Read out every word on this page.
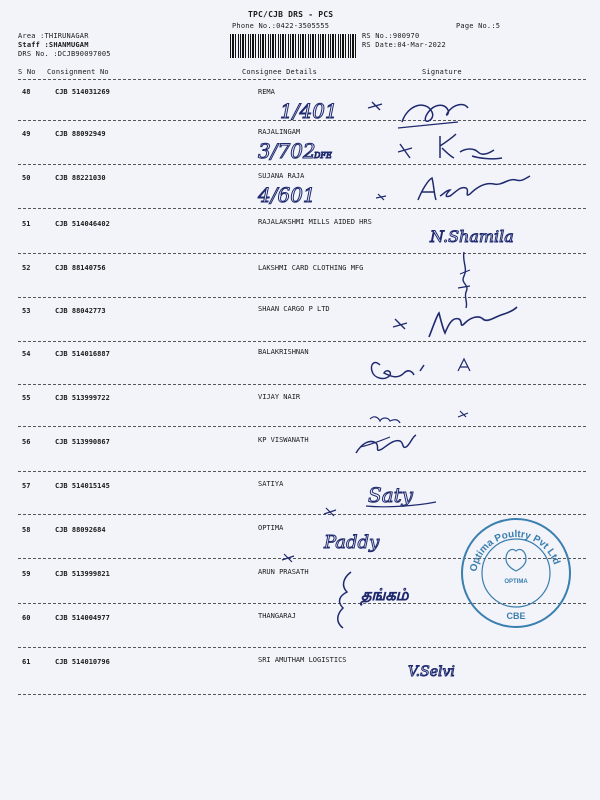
TPC/CJB DRS - PCS
Phone No.:0422-3505555	Page No.:5
Area :THIRUNAGAR
Staff :SHANMUGAM
DRS No. :DCJB90097005
RS No.:900970
RS Date:04-Mar-2022
S No Consignment No	Consignee Details	Signature
48	CJB 514031269	REMA
49	CJB 88092949	RAJALINGAM
50	CJB 88221030	SUJANA RAJA
51	CJB 514046402	RAJALAKSHMI MILLS AIDED HRS
52	CJB 88140756	LAKSHMI CARD CLOTHING MFG
53	CJB 88042773	SHAAN CARGO P LTD
54	CJB 514016887	BALAKRISHNAN
55	CJB 513999722	VIJAY NAIR
56	CJB 513990867	KP VISWANATH
57	CJB 514015145	SATIYA
58	CJB 88092684	OPTIMA
59	CJB 513999821	ARUN PRASATH
60	CJB 514004977	THANGARAJ
61	CJB 514010796	SRI AMUTHAM LOGISTICS
1/401
3/702
DFE
4/601
N.Shamila
Saty
Paddy
தங்கம்
V.Selvi
Optima Poultry Pvt Ltd
OPTIMA
CBE
